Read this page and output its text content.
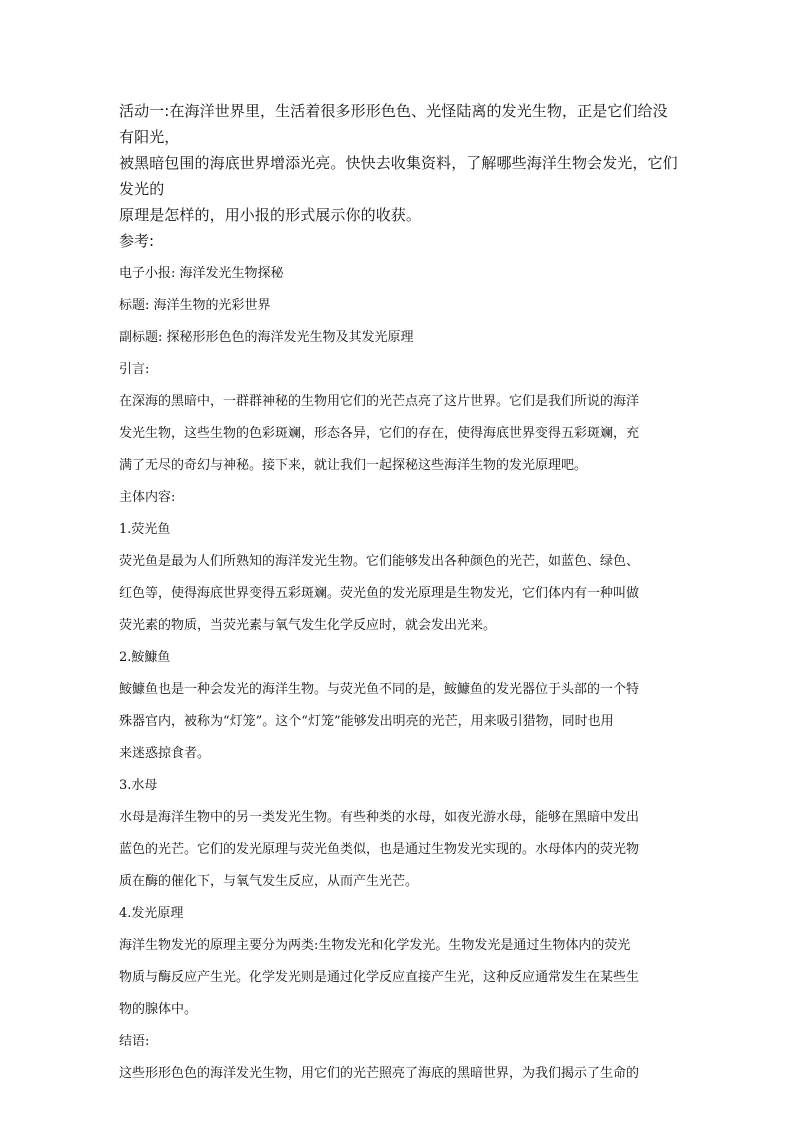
活动一:在海洋世界里，生活着很多形形色色、光怪陆离的发光生物，正是它们给没有阳光，
被黑暗包围的海底世界增添光亮。快快去收集资料，了解哪些海洋生物会发光，它们发光的
原理是怎样的，用小报的形式展示你的收获。
参考:

电子小报: 海洋发光生物探秘

标题: 海洋生物的光彩世界

副标题: 探秘形形色色的海洋发光生物及其发光原理

引言:

在深海的黑暗中，一群群神秘的生物用它们的光芒点亮了这片世界。它们是我们所说的海洋
发光生物，这些生物的色彩斑斓，形态各异，它们的存在，使得海底世界变得五彩斑斓，充
满了无尽的奇幻与神秘。接下来，就让我们一起探秘这些海洋生物的发光原理吧。

主体内容:

1.荧光鱼

荧光鱼是最为人们所熟知的海洋发光生物。它们能够发出各种颜色的光芒，如蓝色、绿色、
红色等，使得海底世界变得五彩斑斓。荧光鱼的发光原理是生物发光，它们体内有一种叫做
荧光素的物质，当荧光素与氧气发生化学反应时，就会发出光来。

2.鮟鱇鱼

鮟鱇鱼也是一种会发光的海洋生物。与荧光鱼不同的是，鮟鱇鱼的发光器位于头部的一个特
殊器官内，被称为“灯笼”。这个“灯笼”能够发出明亮的光芒，用来吸引猎物，同时也用
来迷惑掠食者。

3.水母

水母是海洋生物中的另一类发光生物。有些种类的水母，如夜光游水母，能够在黑暗中发出
蓝色的光芒。它们的发光原理与荧光鱼类似，也是通过生物发光实现的。水母体内的荧光物
质在酶的催化下，与氧气发生反应，从而产生光芒。

4.发光原理

海洋生物发光的原理主要分为两类:生物发光和化学发光。生物发光是通过生物体内的荧光
物质与酶反应产生光。化学发光则是通过化学反应直接产生光，这种反应通常发生在某些生
物的腺体中。

结语:

这些形形色色的海洋发光生物，用它们的光芒照亮了海底的黑暗世界，为我们揭示了生命的
